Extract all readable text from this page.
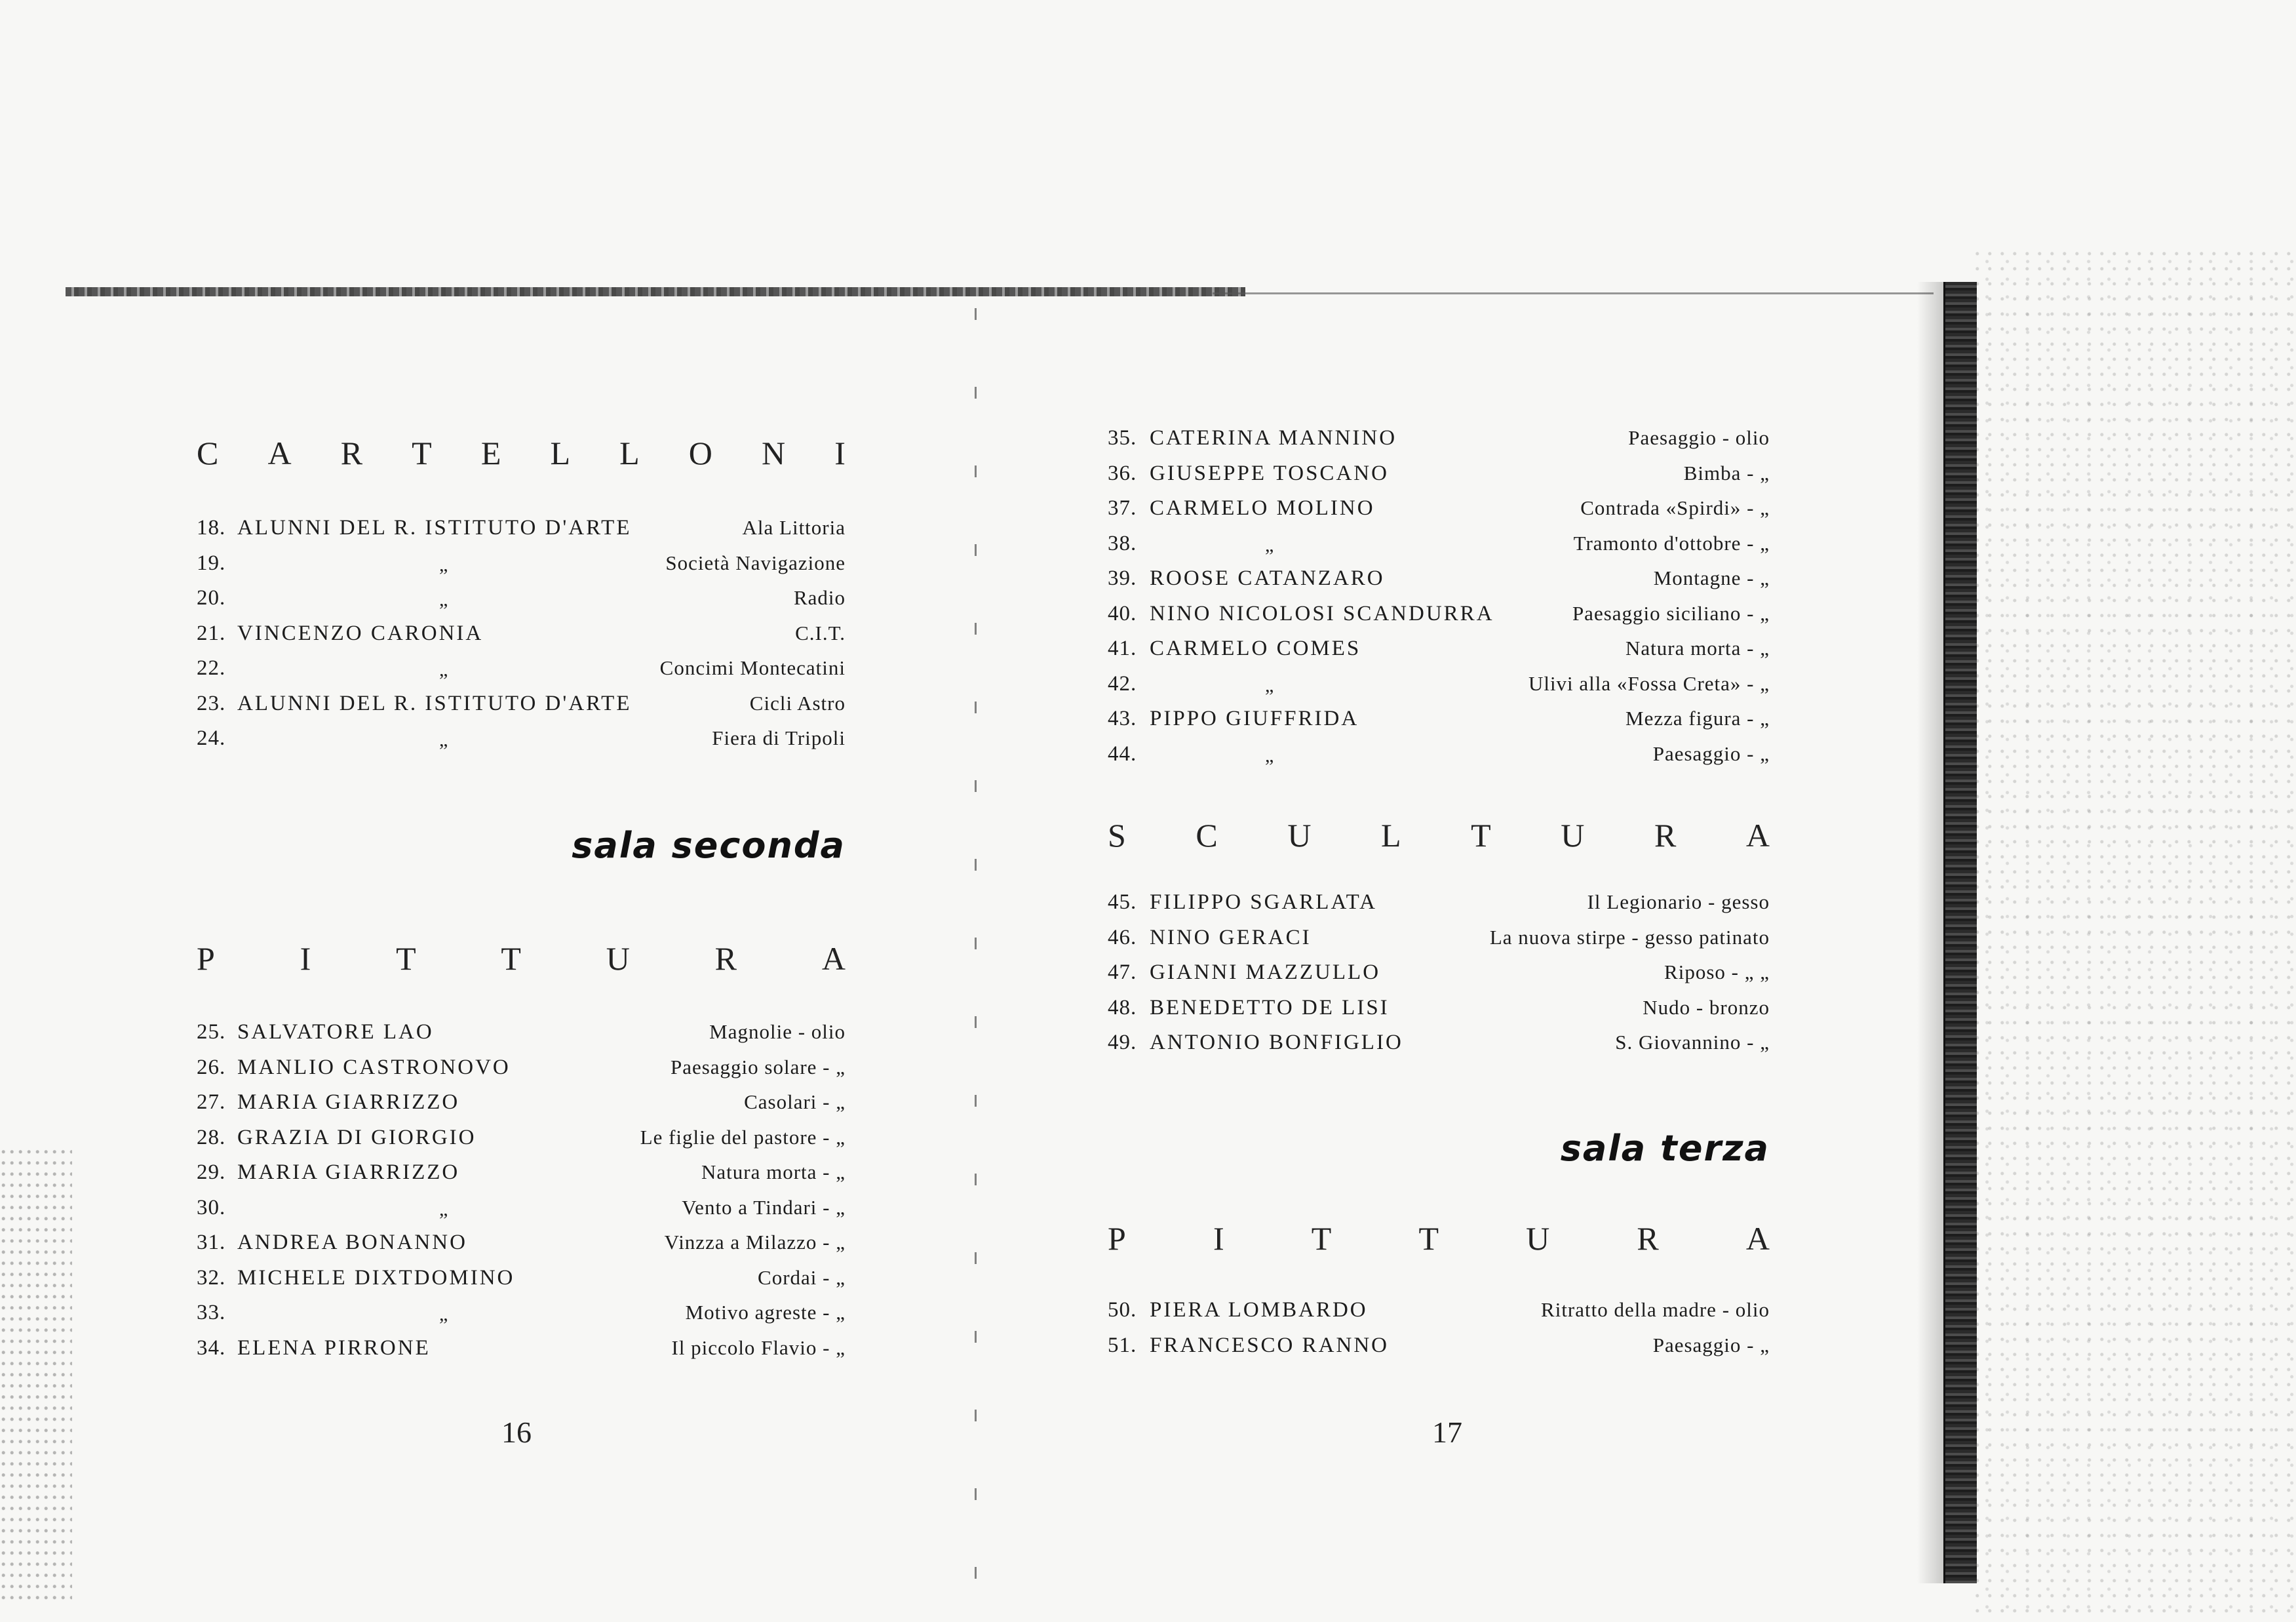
C A R T E L L O N I
18. ALUNNI DEL R. ISTITUTO D'ARTE	Ala Littoria
19.	„	Società Navigazione
20.	„	Radio
21. VINCENZO CARONIA	C.I.T.
22.	„	Concimi Montecatini
23. ALUNNI DEL R. ISTITUTO D'ARTE	Cicli Astro
24.	„	Fiera di Tripoli
sala seconda
P	I	T	T	U	R	A
25. SALVATORE LAO	Magnolie - olio
26. MANLIO CASTRONOVO	Paesaggio solare - „
27. MARIA GIARRIZZO	Casolari - „
28. GRAZIA DI GIORGIO	Le figlie del pastore - „
29. MARIA GIARRIZZO	Natura morta - „
30.	„	Vento a Tindari - „
31. ANDREA BONANNO	Vinzza a Milazzo - „
32. MICHELE DIXTDOMINO	Cordai - „
33.	„	Motivo agreste - „
34. ELENA PIRRONE	Il piccolo Flavio - „
16
35. CATERINA MANNINO	Paesaggio - olio
36. GIUSEPPE TOSCANO	Bimba - „
37. CARMELO MOLINO	Contrada «Spirdi» - „
38.	„	Tramonto d'ottobre - „
39. ROOSE CATANZARO	Montagne - „
40. NINO NICOLOSI SCANDURRA	Paesaggio siciliano - „
41. CARMELO COMES	Natura morta - „
42.	„	Ulivi alla «Fossa Creta» - „
43. PIPPO GIUFFRIDA	Mezza figura - „
44.	„	Paesaggio - „
S C U L T U R A
45. FILIPPO SGARLATA	Il Legionario - gesso
46. NINO GERACI	La nuova stirpe - gesso patinato
47. GIANNI MAZZULLO	Riposo - „ „
48. BENEDETTO DE LISI	Nudo - bronzo
49. ANTONIO BONFIGLIO	S. Giovannino - „
sala terza
P	I	T	T	U	R	A
50. PIERA LOMBARDO	Ritratto della madre - olio
51. FRANCESCO RANNO	Paesaggio - „
17
